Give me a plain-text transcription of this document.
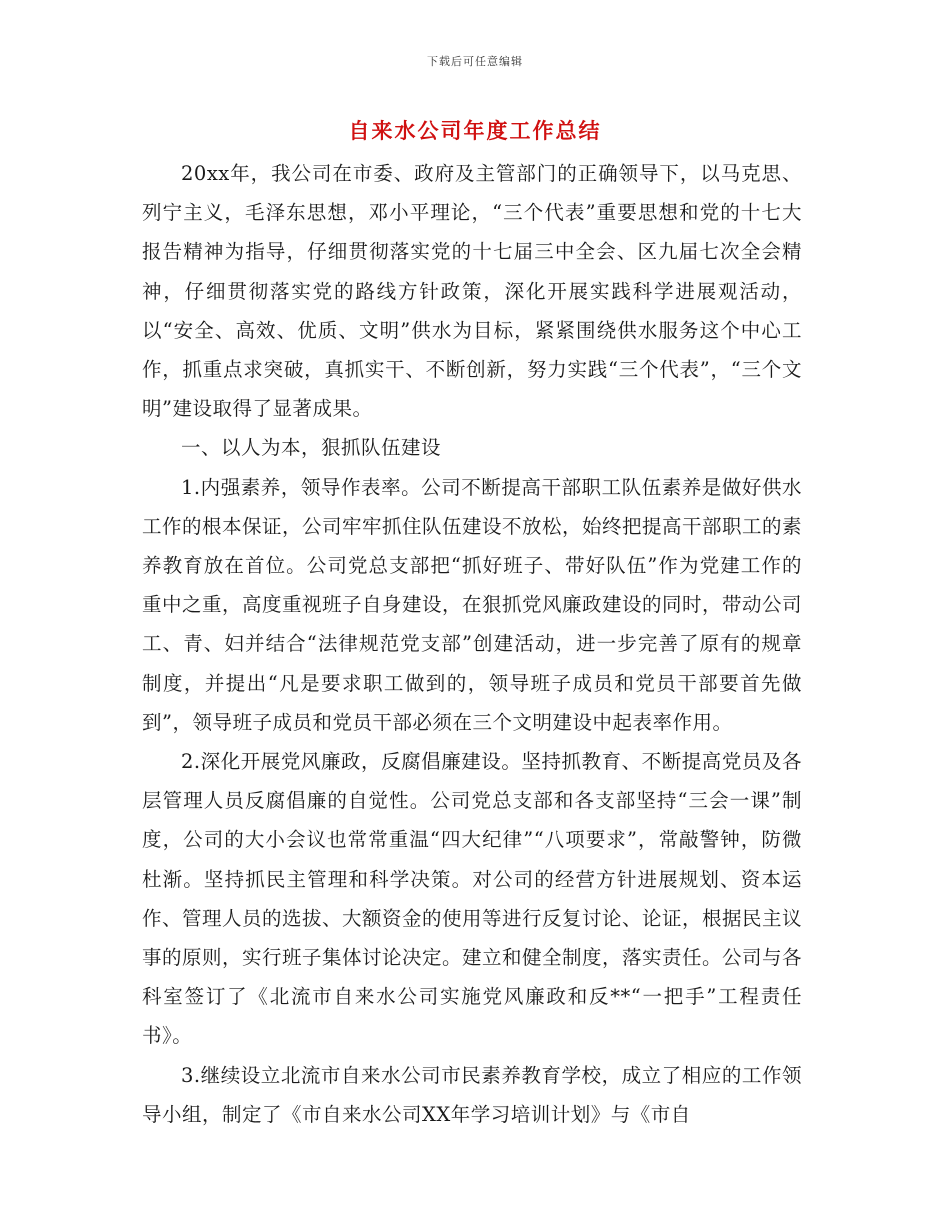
下载后可任意编辑
自来水公司年度工作总结

20xx年，我公司在市委、政府及主管部门的正确领导下，以马克思、列宁主义，毛泽东思想，邓小平理论，“三个代表”重要思想和党的十七大报告精神为指导，仔细贯彻落实党的十七届三中全会、区九届七次全会精神，仔细贯彻落实党的路线方针政策，深化开展实践科学进展观活动，以“安全、高效、优质、文明”供水为目标，紧紧围绕供水服务这个中心工作，抓重点求突破，真抓实干、不断创新，努力实践“三个代表”，“三个文明”建设取得了显著成果。

一、以人为本，狠抓队伍建设

1.内强素养，领导作表率。公司不断提高干部职工队伍素养是做好供水工作的根本保证，公司牢牢抓住队伍建设不放松，始终把提高干部职工的素养教育放在首位。公司党总支部把“抓好班子、带好队伍”作为党建工作的重中之重，高度重视班子自身建设，在狠抓党风廉政建设的同时，带动公司工、青、妇并结合“法律规范党支部”创建活动，进一步完善了原有的规章制度，并提出“凡是要求职工做到的，领导班子成员和党员干部要首先做到”，领导班子成员和党员干部必须在三个文明建设中起表率作用。

2.深化开展党风廉政，反腐倡廉建设。坚持抓教育、不断提高党员及各层管理人员反腐倡廉的自觉性。公司党总支部和各支部坚持“三会一课”制度，公司的大小会议也常常重温“四大纪律”“八项要求”，常敲警钟，防微杜渐。坚持抓民主管理和科学决策。对公司的经营方针进展规划、资本运作、管理人员的选拔、大额资金的使用等进行反复讨论、论证，根据民主议事的原则，实行班子集体讨论决定。建立和健全制度，落实责任。公司与各科室签订了《北流市自来水公司实施党风廉政和反**“一把手”工程责任书》。

3.继续设立北流市自来水公司市民素养教育学校，成立了相应的工作领导小组，制定了《市自来水公司XX年学习培训计划》与《市自
